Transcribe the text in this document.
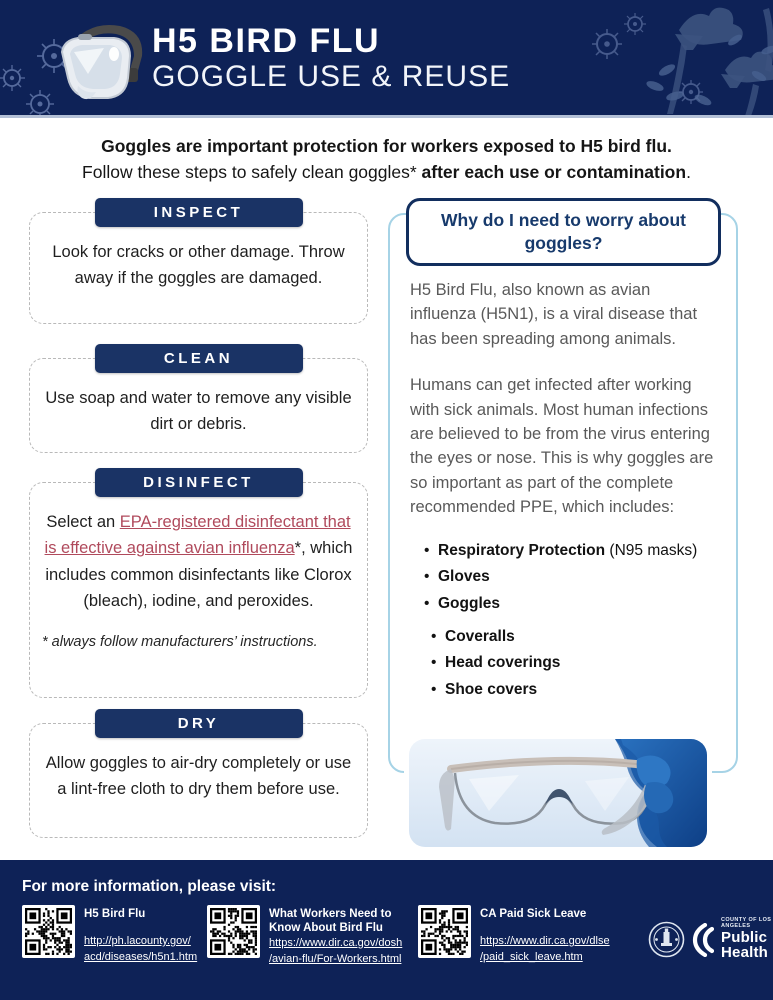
H5 BIRD FLU
GOGGLE USE & REUSE
Goggles are important protection for workers exposed to H5 bird flu.
Follow these steps to safely clean goggles* after each use or contamination.
INSPECT
Look for cracks or other damage. Throw away if the goggles are damaged.
CLEAN
Use soap and water to remove any visible dirt or debris.
DISINFECT
Select an EPA-registered disinfectant that is effective against avian influenza*, which includes common disinfectants like Clorox (bleach), iodine, and peroxides.
* always follow manufacturers’ instructions.
DRY
Allow goggles to air-dry completely or use a lint-free cloth to dry them before use.
Why do I need to worry about goggles?

H5 Bird Flu, also known as avian influenza (H5N1), is a viral disease that has been spreading among animals.

Humans can get infected after working with sick animals. Most human infections are believed to be from the virus entering the eyes or nose. This is why goggles are so important as part of the complete recommended PPE, which includes:

• Respiratory Protection (N95 masks)
• Gloves
• Goggles
• Coveralls
• Head coverings
• Shoe covers
For more information, please visit:
H5 Bird Flu
http://ph.lacounty.gov/
acd/diseases/h5n1.htm
What Workers Need to Know About Bird Flu
https://www.dir.ca.gov/dosh
/avian-flu/For-Workers.html
CA Paid Sick Leave
https://www.dir.ca.gov/dlse
/paid_sick_leave.htm
COUNTY OF LOS ANGELES
Public Health
